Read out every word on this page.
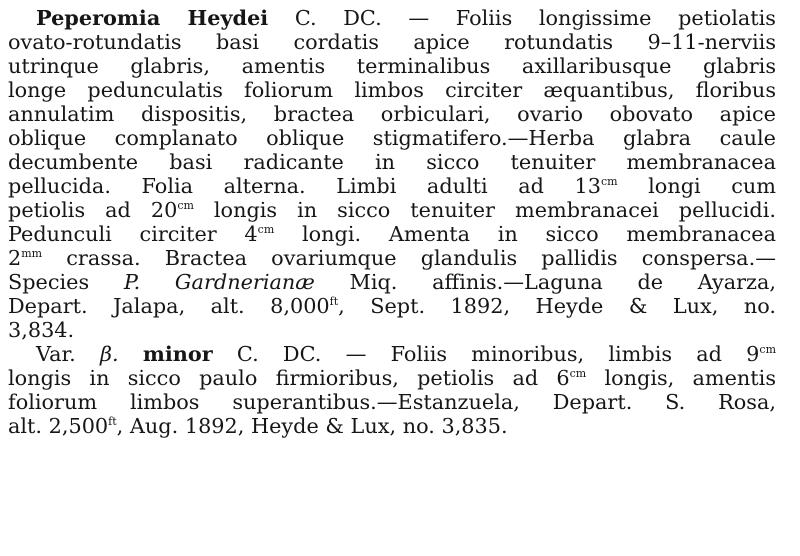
Peperomia Heydei C. DC. — Foliis longissime petiolatis
ovato-rotundatis basi cordatis apice rotundatis 9–11-nerviis
utrinque glabris, amentis terminalibus axillaribusque glabris
longe pedunculatis foliorum limbos circiter æquantibus, floribus
annulatim dispositis, bractea orbiculari, ovario obovato apice
oblique complanato oblique stigmatifero.—Herba glabra caule
decumbente basi radicante in sicco tenuiter membranacea
pellucida. Folia alterna. Limbi adulti ad $13^{cm}$ longi cum
petiolis ad $20^{cm}$ longis in sicco tenuiter membranacei pellucidi.
Pedunculi circiter $4^{cm}$ longi. Amenta in sicco membranacea
$2^{mm}$ crassa. Bractea ovariumque glandulis pallidis conspersa.—
Species P. Gardnerianæ Miq. affinis.—Laguna de Ayarza,
Depart. Jalapa, alt. $8,000^{ft}$, Sept. 1892, Heyde & Lux, no.
3,834.
Var. β. minor C. DC. — Foliis minoribus, limbis ad $9^{cm}$
longis in sicco paulo firmioribus, petiolis ad $6^{cm}$ longis, amentis
foliorum limbos superantibus.—Estanzuela, Depart. S. Rosa,
alt. $2,500^{ft}$, Aug. 1892, Heyde & Lux, no. 3,835.
